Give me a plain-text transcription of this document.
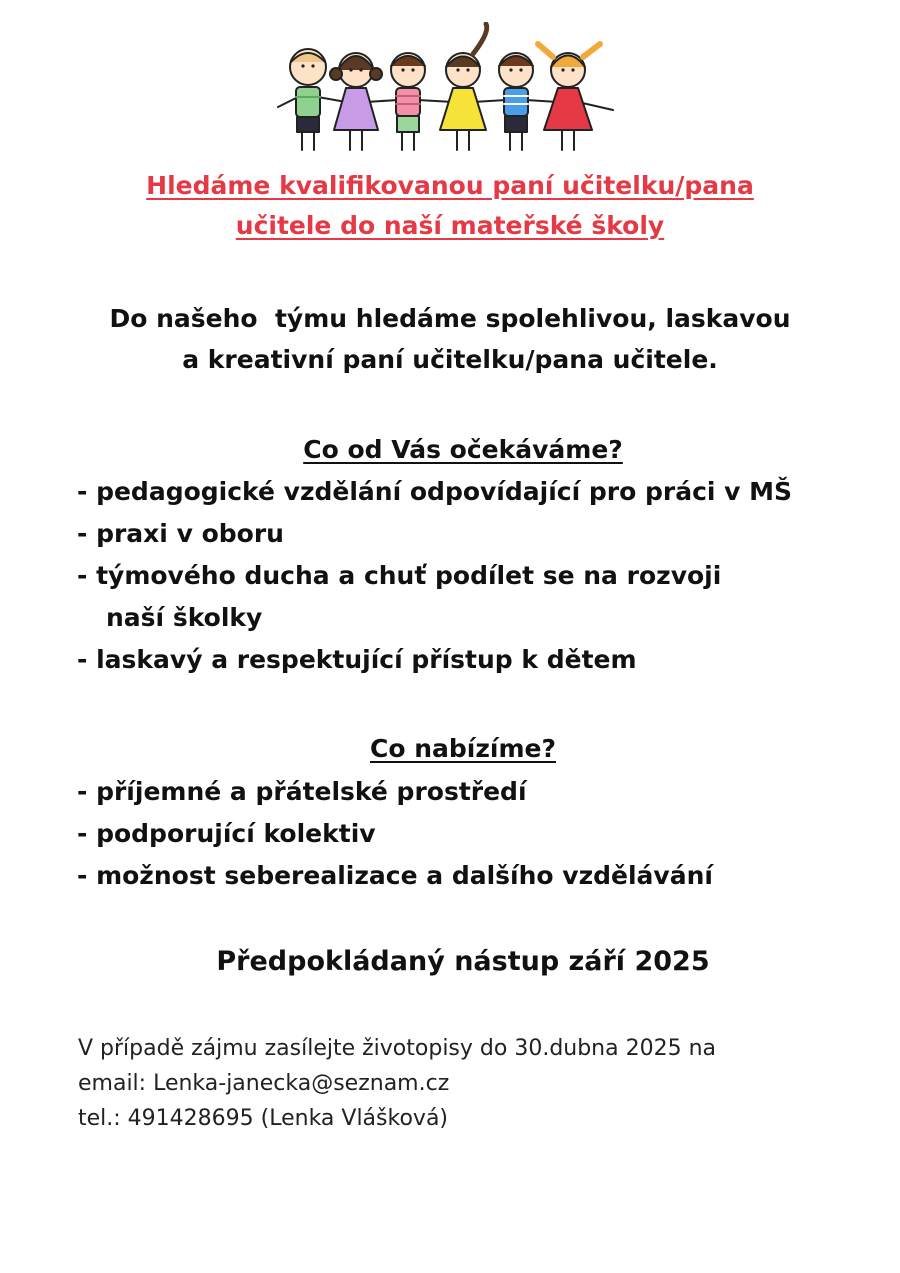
Hledáme kvalifikovanou paní učitelku/pana
učitele do naší mateřské školy
Do našeho  týmu hledáme spolehlivou, laskavou
a kreativní paní učitelku/pana učitele.
Co od Vás očekáváme?
- pedagogické vzdělání odpovídající pro práci v MŠ
- praxi v oboru
- týmového ducha a chuť podílet se na rozvoji
naší školky
- laskavý a respektující přístup k dětem
Co nabízíme?
- příjemné a přátelské prostředí
- podporující kolektiv
- možnost seberealizace a dalšího vzdělávání
Předpokládaný nástup září 2025
V případě zájmu zasílejte životopisy do 30.dubna 2025 na
email: Lenka-janecka@seznam.cz
tel.: 491428695 (Lenka Vlášková)
